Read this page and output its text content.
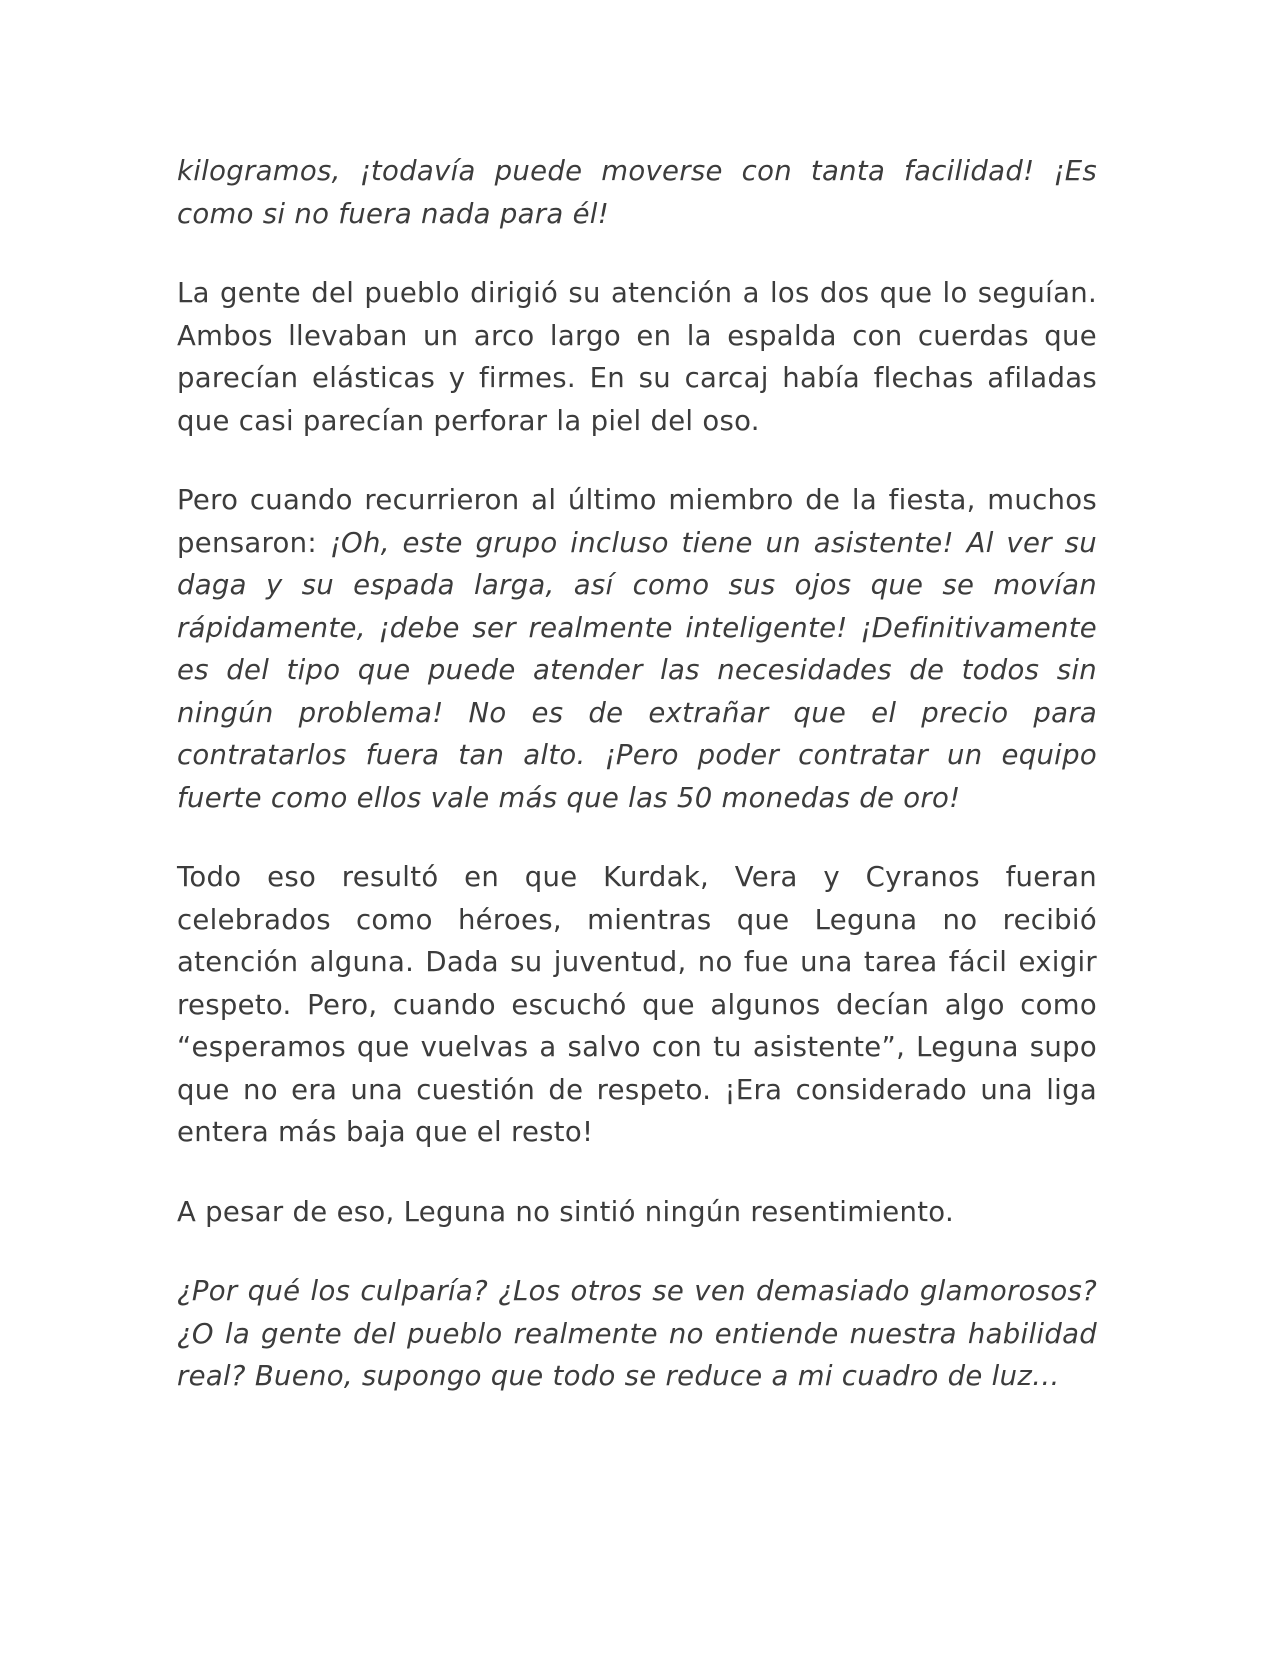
kilogramos, ¡todavía puede moverse con tanta facilidad! ¡Es como si no fuera nada para él!

La gente del pueblo dirigió su atención a los dos que lo seguían. Ambos llevaban un arco largo en la espalda con cuerdas que parecían elásticas y firmes. En su carcaj había flechas afiladas que casi parecían perforar la piel del oso.

Pero cuando recurrieron al último miembro de la fiesta, muchos pensaron: ¡Oh, este grupo incluso tiene un asistente! Al ver su daga y su espada larga, así como sus ojos que se movían rápidamente, ¡debe ser realmente inteligente! ¡Definitivamente es del tipo que puede atender las necesidades de todos sin ningún problema! No es de extrañar que el precio para contratarlos fuera tan alto. ¡Pero poder contratar un equipo fuerte como ellos vale más que las 50 monedas de oro!

Todo eso resultó en que Kurdak, Vera y Cyranos fueran celebrados como héroes, mientras que Leguna no recibió atención alguna. Dada su juventud, no fue una tarea fácil exigir respeto. Pero, cuando escuchó que algunos decían algo como “esperamos que vuelvas a salvo con tu asistente”, Leguna supo que no era una cuestión de respeto. ¡Era considerado una liga entera más baja que el resto!

A pesar de eso, Leguna no sintió ningún resentimiento.

¿Por qué los culparía? ¿Los otros se ven demasiado glamorosos? ¿O la gente del pueblo realmente no entiende nuestra habilidad real? Bueno, supongo que todo se reduce a mi cuadro de luz…
